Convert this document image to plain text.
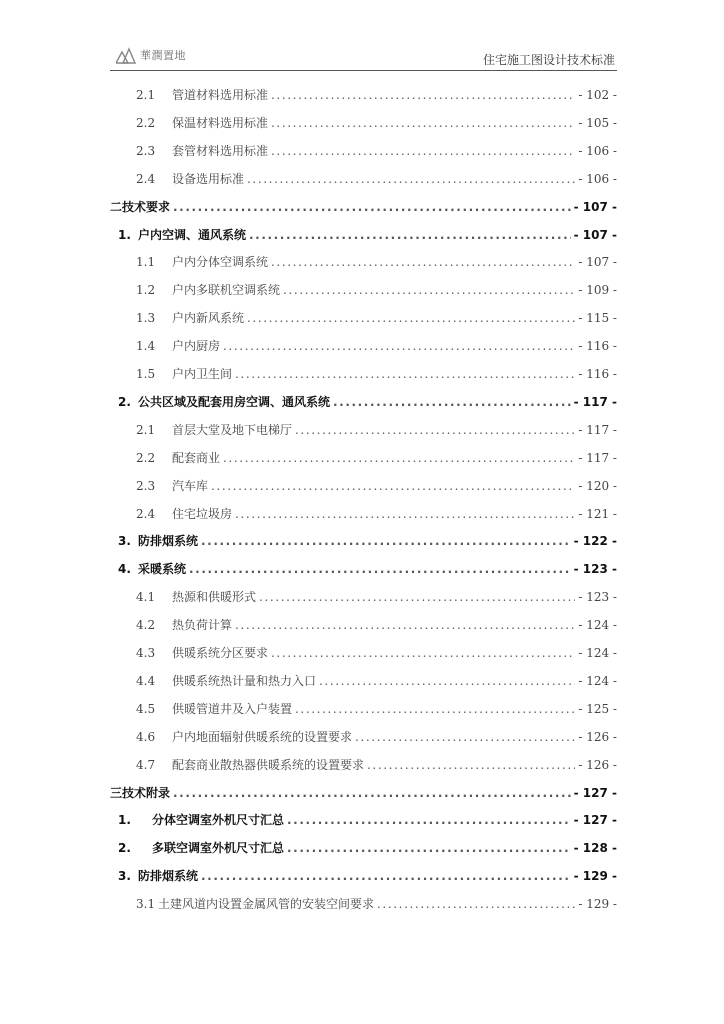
華潤置地	住宅施工图设计技术标准
2.1	管道材料选用标准 .....	- 102 -
2.2	保温材料选用标准 .....	- 105 -
2.3	套管材料选用标准 .....	- 106 -
2.4	设备选用标准 .....	- 106 -
二技术要求 .....	- 107 -
1. 户内空调、通风系统 .....	- 107 -
1.1	户内分体空调系统 .....	- 107 -
1.2	户内多联机空调系统 .....	- 109 -
1.3	户内新风系统 .....	- 115 -
1.4	户内厨房 .....	- 116 -
1.5	户内卫生间 .....	- 116 -
2. 公共区域及配套用房空调、通风系统 .....	- 117 -
2.1	首层大堂及地下电梯厅 .....	- 117 -
2.2	配套商业 .....	- 117 -
2.3	汽车库 .....	- 120 -
2.4	住宅垃圾房 .....	- 121 -
3. 防排烟系统 .....	- 122 -
4. 采暖系统 .....	- 123 -
4.1	热源和供暖形式 .....	- 123 -
4.2	热负荷计算 .....	- 124 -
4.3	供暖系统分区要求 .....	- 124 -
4.4	供暖系统热计量和热力入口 .....	- 124 -
4.5	供暖管道井及入户装置 .....	- 125 -
4.6	户内地面辐射供暖系统的设置要求 .....	- 126 -
4.7	配套商业散热器供暖系统的设置要求 .....	- 126 -
三技术附录 .....	- 127 -
1.	分体空调室外机尺寸汇总 .....	- 127 -
2.	多联空调室外机尺寸汇总 .....	- 128 -
3. 防排烟系统 .....	- 129 -
3.1 土建风道内设置金属风管的安装空间要求 .....	- 129 -
